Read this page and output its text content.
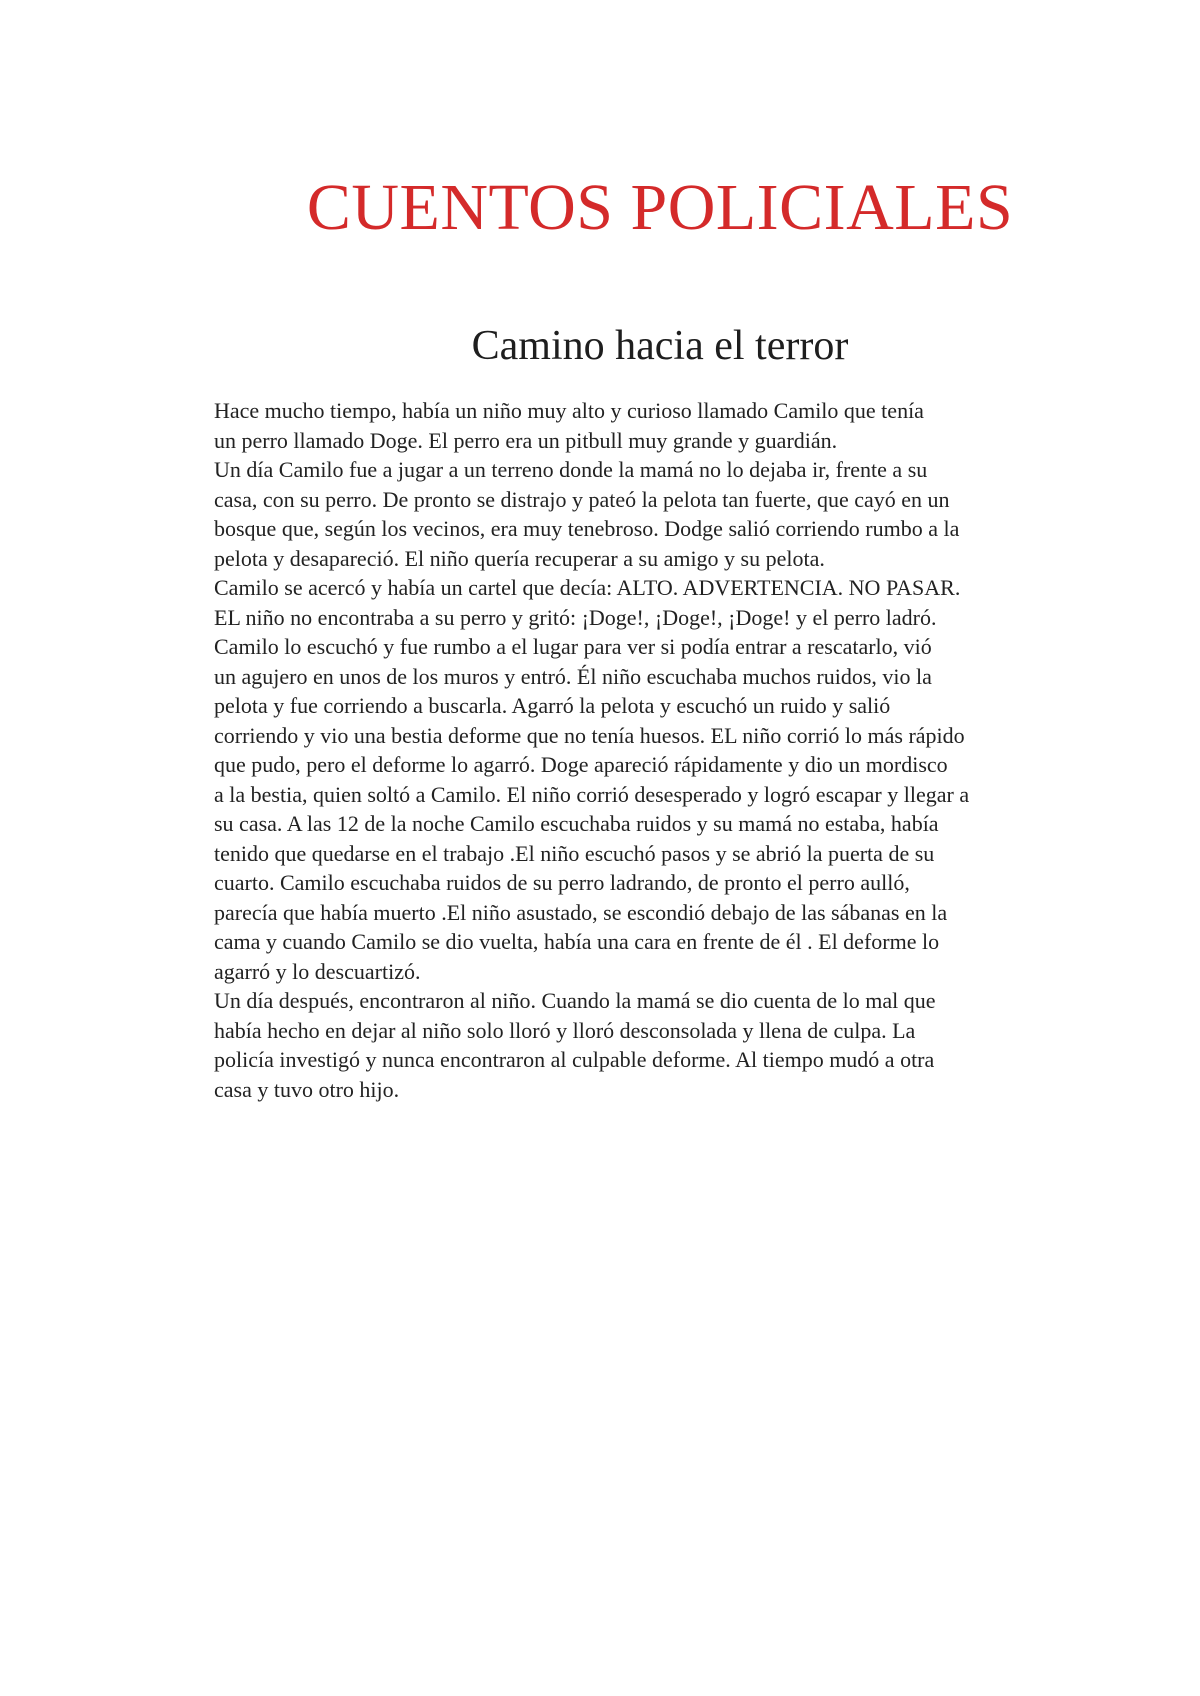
CUENTOS POLICIALES
Camino hacia el terror
Hace mucho tiempo, había un niño muy alto y curioso llamado Camilo que tenía
un perro llamado Doge. El perro era un pitbull muy grande y guardián.
Un día Camilo fue a jugar a un terreno donde la mamá no lo dejaba ir, frente a su
casa, con su perro. De pronto se distrajo y pateó la pelota tan fuerte, que cayó en un
bosque que, según los vecinos, era muy tenebroso. Dodge salió corriendo rumbo a la
pelota y desapareció. El niño quería recuperar a su amigo y su pelota.
Camilo se acercó y había un cartel que decía: ALTO. ADVERTENCIA. NO PASAR.
EL niño no encontraba a su perro y gritó: ¡Doge!, ¡Doge!, ¡Doge! y el perro ladró.
Camilo lo escuchó y fue rumbo a el lugar para ver si podía entrar a rescatarlo, vió
un agujero en unos de los muros y entró. Él niño escuchaba muchos ruidos, vio la
pelota y fue corriendo a buscarla. Agarró la pelota y escuchó un ruido y salió
corriendo y vio una bestia deforme que no tenía huesos. EL niño corrió lo más rápido
que pudo, pero el deforme lo agarró. Doge apareció rápidamente y dio un mordisco
a la bestia, quien soltó a Camilo. El niño corrió desesperado y logró escapar y llegar a
su casa. A las 12 de la noche Camilo escuchaba ruidos y su mamá no estaba, había
tenido que quedarse en el trabajo .El niño escuchó pasos y se abrió la puerta de su
cuarto. Camilo escuchaba ruidos de su perro ladrando, de pronto el perro aulló,
parecía que había muerto .El niño asustado, se escondió debajo de las sábanas en la
cama y cuando Camilo se dio vuelta, había una cara en frente de él . El deforme lo
agarró y lo descuartizó.
Un día después, encontraron al niño. Cuando la mamá se dio cuenta de lo mal que
había hecho en dejar al niño solo lloró y lloró desconsolada y llena de culpa. La
policía investigó y nunca encontraron al culpable deforme. Al tiempo mudó a otra
casa y tuvo otro hijo.
